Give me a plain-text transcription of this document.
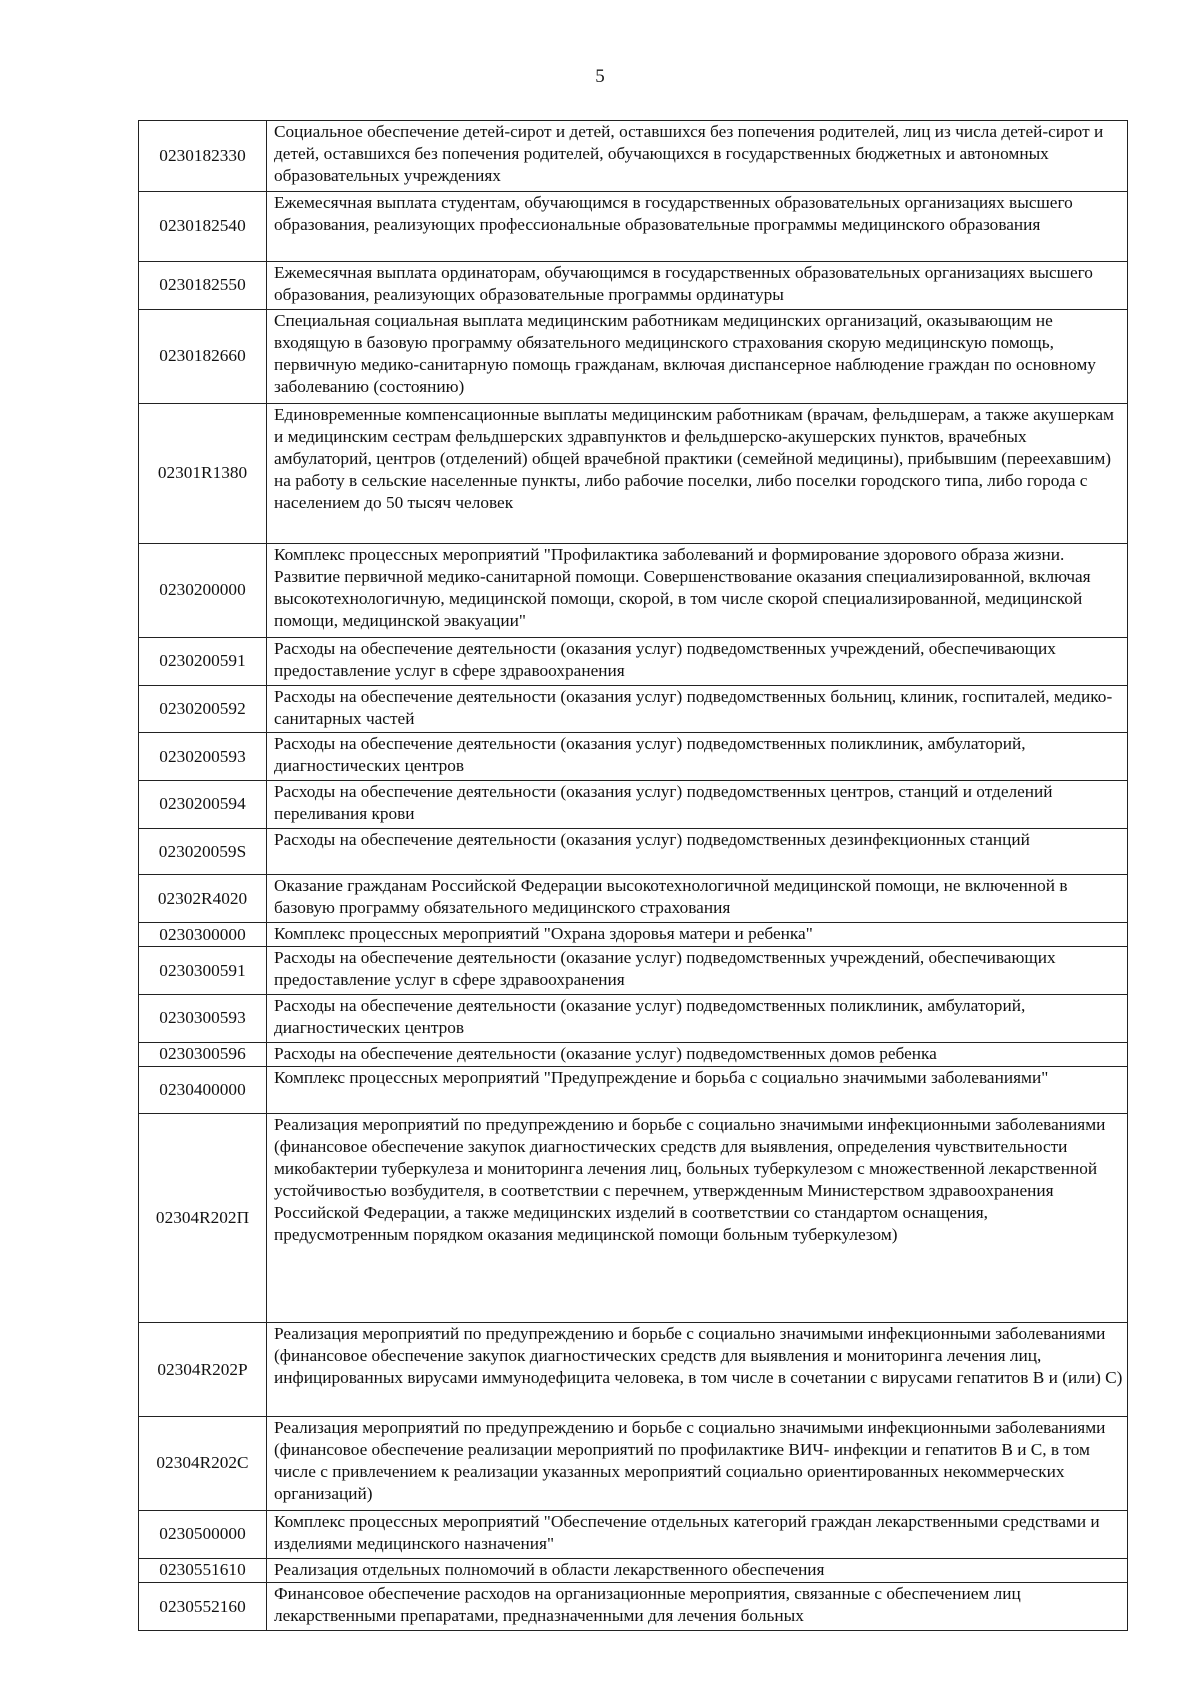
5
0230182330	Социальное обеспечение детей-сирот и детей, оставшихся без попечения родителей, лиц из числа детей-сирот и детей, оставшихся без попечения родителей, обучающихся в государственных бюджетных и автономных образовательных учреждениях
0230182540	Ежемесячная выплата студентам, обучающимся в государственных образовательных организациях высшего образования, реализующих профессиональные образовательные программы медицинского образования
0230182550	Ежемесячная выплата ординаторам, обучающимся в государственных образовательных организациях высшего образования, реализующих образовательные программы ординатуры
0230182660	Специальная социальная выплата медицинским работникам медицинских организаций, оказывающим не входящую в базовую программу обязательного медицинского страхования скорую медицинскую помощь, первичную медико-санитарную помощь гражданам, включая диспансерное наблюдение граждан по основному заболеванию (состоянию)
02301R1380	Единовременные компенсационные выплаты медицинским работникам (врачам, фельдшерам, а также акушеркам и медицинским сестрам фельдшерских здравпунктов и фельдшерско-акушерских пунктов, врачебных амбулаторий, центров (отделений) общей врачебной практики (семейной медицины), прибывшим (переехавшим) на работу в сельские населенные пункты, либо рабочие поселки, либо поселки городского типа, либо города с населением до 50 тысяч человек
0230200000	Комплекс процессных мероприятий "Профилактика заболеваний и формирование здорового образа жизни. Развитие первичной медико-санитарной помощи. Совершенствование оказания специализированной, включая высокотехнологичную, медицинской помощи, скорой, в том числе скорой специализированной, медицинской помощи, медицинской эвакуации"
0230200591	Расходы на обеспечение деятельности (оказания услуг) подведомственных учреждений, обеспечивающих предоставление услуг в сфере здравоохранения
0230200592	Расходы на обеспечение деятельности (оказания услуг) подведомственных больниц, клиник, госпиталей, медико-санитарных частей
0230200593	Расходы на обеспечение деятельности (оказания услуг) подведомственных поликлиник, амбулаторий, диагностических центров
0230200594	Расходы на обеспечение деятельности (оказания услуг) подведомственных центров, станций и отделений переливания крови
023020059S	Расходы на обеспечение деятельности (оказания услуг) подведомственных дезинфекционных станций
02302R4020	Оказание гражданам Российской Федерации высокотехнологичной медицинской помощи, не включенной в базовую программу обязательного медицинского страхования
0230300000	Комплекс процессных мероприятий "Охрана здоровья матери и ребенка"
0230300591	Расходы на обеспечение деятельности (оказание услуг) подведомственных учреждений, обеспечивающих предоставление услуг в сфере здравоохранения
0230300593	Расходы на обеспечение деятельности (оказание услуг) подведомственных поликлиник, амбулаторий, диагностических центров
0230300596	Расходы на обеспечение деятельности (оказание услуг) подведомственных домов ребенка
0230400000	Комплекс процессных мероприятий "Предупреждение и борьба с социально значимыми заболеваниями"
02304R202П	Реализация мероприятий по предупреждению и борьбе с социально значимыми инфекционными заболеваниями (финансовое обеспечение закупок диагностических средств для выявления, определения чувствительности микобактерии туберкулеза и мониторинга лечения лиц, больных туберкулезом с множественной лекарственной устойчивостью возбудителя, в соответствии с перечнем, утвержденным Министерством здравоохранения Российской Федерации, а также медицинских изделий в соответствии со стандартом оснащения, предусмотренным порядком оказания медицинской помощи больным туберкулезом)
02304R202P	Реализация мероприятий по предупреждению и борьбе с социально значимыми инфекционными заболеваниями (финансовое обеспечение закупок диагностических средств для выявления и мониторинга лечения лиц, инфицированных вирусами иммунодефицита человека, в том числе в сочетании с вирусами гепатитов В и (или) С)
02304R202C	Реализация мероприятий по предупреждению и борьбе с социально значимыми инфекционными заболеваниями (финансовое обеспечение реализации мероприятий по профилактике ВИЧ- инфекции и гепатитов В и С, в том числе с привлечением к реализации указанных мероприятий социально ориентированных некоммерческих организаций)
0230500000	Комплекс процессных мероприятий "Обеспечение отдельных категорий граждан лекарственными средствами и изделиями медицинского назначения"
0230551610	Реализация отдельных полномочий в области лекарственного обеспечения
0230552160	Финансовое обеспечение расходов на организационные мероприятия, связанные с обеспечением лиц лекарственными препаратами, предназначенными для лечения больных
